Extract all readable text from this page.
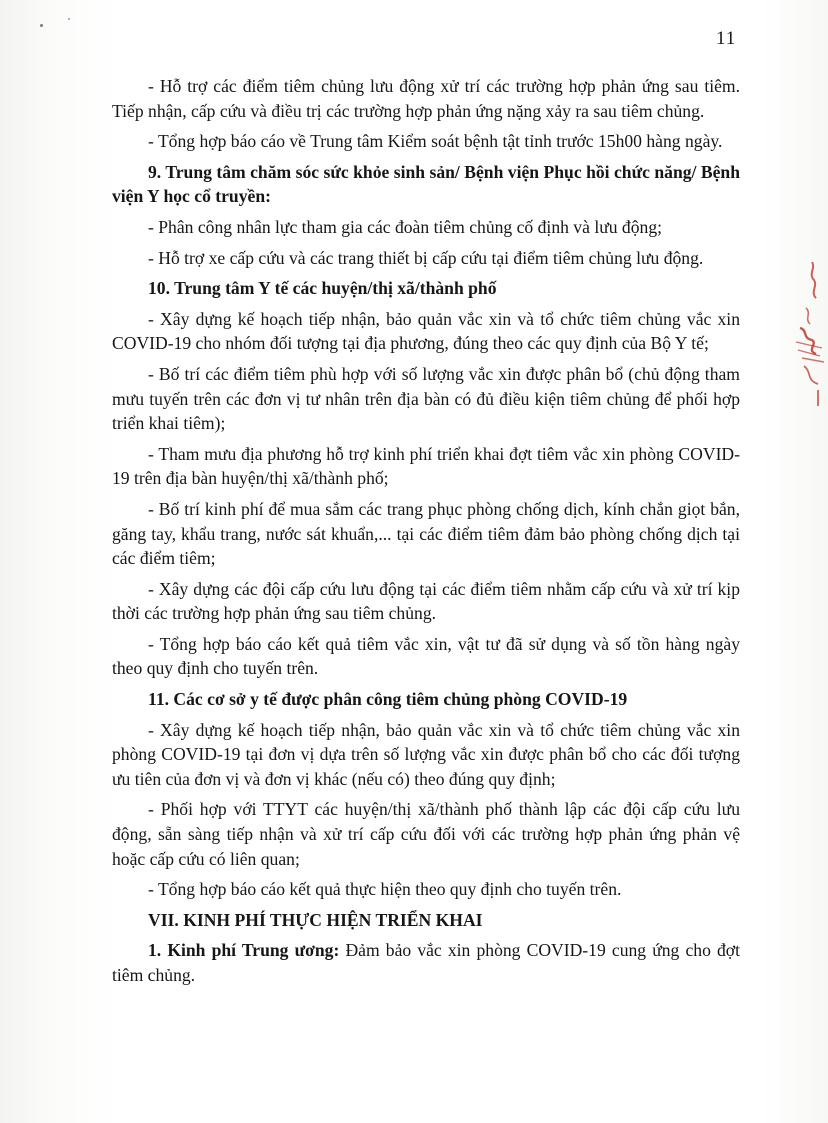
11

- Hỗ trợ các điểm tiêm chủng lưu động xử trí các trường hợp phản ứng sau tiêm. Tiếp nhận, cấp cứu và điều trị các trường hợp phản ứng nặng xảy ra sau tiêm chủng.

- Tổng hợp báo cáo về Trung tâm Kiểm soát bệnh tật tỉnh trước 15h00 hàng ngày.

9. Trung tâm chăm sóc sức khỏe sinh sản/ Bệnh viện Phục hồi chức năng/ Bệnh viện Y học cổ truyền:

- Phân công nhân lực tham gia các đoàn tiêm chủng cố định và lưu động;

- Hỗ trợ xe cấp cứu và các trang thiết bị cấp cứu tại điểm tiêm chủng lưu động.

10. Trung tâm Y tế các huyện/thị xã/thành phố

- Xây dựng kế hoạch tiếp nhận, bảo quản vắc xin và tổ chức tiêm chủng vắc xin COVID-19 cho nhóm đối tượng tại địa phương, đúng theo các quy định của Bộ Y tế;

- Bố trí các điểm tiêm phù hợp với số lượng vắc xin được phân bổ (chủ động tham mưu tuyến trên các đơn vị tư nhân trên địa bàn có đủ điều kiện tiêm chủng để phối hợp triển khai tiêm);

- Tham mưu địa phương hỗ trợ kinh phí triển khai đợt tiêm vắc xin phòng COVID-19 trên địa bàn huyện/thị xã/thành phố;

- Bố trí kinh phí để mua sắm các trang phục phòng chống dịch, kính chắn giọt bắn, găng tay, khẩu trang, nước sát khuẩn,... tại các điểm tiêm đảm bảo phòng chống dịch tại các điểm tiêm;

- Xây dựng các đội cấp cứu lưu động tại các điểm tiêm nhằm cấp cứu và xử trí kịp thời các trường hợp phản ứng sau tiêm chủng.

- Tổng hợp báo cáo kết quả tiêm vắc xin, vật tư đã sử dụng và số tồn hàng ngày theo quy định cho tuyến trên.

11. Các cơ sở y tế được phân công tiêm chủng phòng COVID-19

- Xây dựng kế hoạch tiếp nhận, bảo quản vắc xin và tổ chức tiêm chủng vắc xin phòng COVID-19 tại đơn vị dựa trên số lượng vắc xin được phân bổ cho các đối tượng ưu tiên của đơn vị và đơn vị khác (nếu có) theo đúng quy định;

- Phối hợp với TTYT các huyện/thị xã/thành phố thành lập các đội cấp cứu lưu động, sẵn sàng tiếp nhận và xử trí cấp cứu đối với các trường hợp phản ứng phản vệ hoặc cấp cứu có liên quan;

- Tổng hợp báo cáo kết quả thực hiện theo quy định cho tuyến trên.

VII. KINH PHÍ THỰC HIỆN TRIỂN KHAI

1. Kinh phí Trung ương: Đảm bảo vắc xin phòng COVID-19 cung ứng cho đợt tiêm chủng.
